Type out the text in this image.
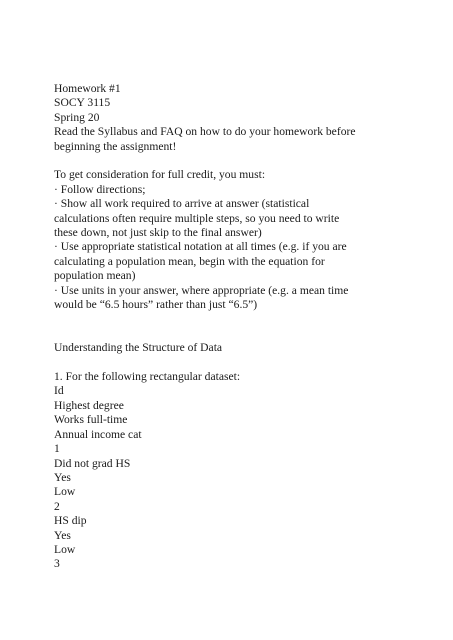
Homework #1
SOCY 3115
Spring 20
Read the Syllabus and FAQ on how to do your homework before
beginning the assignment!
To get consideration for full credit, you must:
· Follow directions;
· Show all work required to arrive at answer (statistical
calculations often require multiple steps, so you need to write
these down, not just skip to the final answer)
· Use appropriate statistical notation at all times (e.g. if you are
calculating a population mean, begin with the equation for
population mean)
· Use units in your answer, where appropriate (e.g. a mean time
would be “6.5 hours” rather than just “6.5”)
Understanding the Structure of Data
1. For the following rectangular dataset:
Id
Highest degree
Works full-time
Annual income cat
1
Did not grad HS
Yes
Low
2
HS dip
Yes
Low
3
